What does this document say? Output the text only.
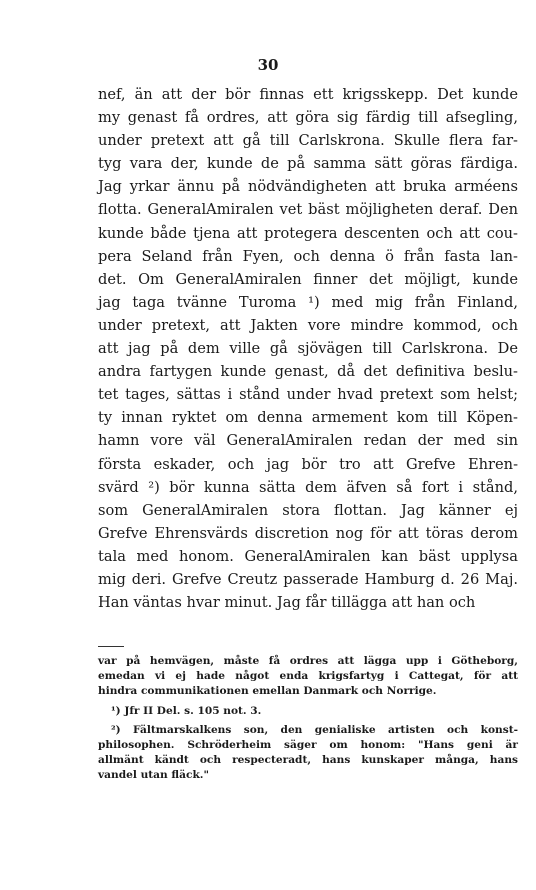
30
nef, än att der bör finnas ett krigsskepp. Det kunde
my genast få ordres, att göra sig färdig till afsegling,
under pretext att gå till Carlskrona. Skulle flera far-
tyg vara der, kunde de på samma sätt göras färdiga.
Jag yrkar ännu på nödvändigheten att bruka arméens
flotta. GeneralAmiralen vet bäst möjligheten deraf. Den
kunde både tjena att protegera descenten och att cou-
pera Seland från Fyen, och denna ö från fasta lan-
det. Om GeneralAmiralen finner det möjligt, kunde
jag taga tvänne Turoma ¹) med mig från Finland,
under pretext, att Jakten vore mindre kommod, och
att jag på dem ville gå sjövägen till Carlskrona. De
andra fartygen kunde genast, då det definitiva beslu-
tet tages, sättas i stånd under hvad pretext som helst;
ty innan ryktet om denna armement kom till Köpen-
hamn vore väl GeneralAmiralen redan der med sin
första eskader, och jag bör tro att Grefve Ehren-
svärd ²) bör kunna sätta dem äfven så fort i stånd,
som GeneralAmiralen stora flottan. Jag känner ej
Grefve Ehrensvärds discretion nog för att töras derom
tala med honom. GeneralAmiralen kan bäst upplysa
mig deri. Grefve Creutz passerade Hamburg d. 26 Maj.
Han väntas hvar minut. Jag får tillägga att han och
var på hemvägen, måste få ordres att lägga upp i Götheborg,
emedan vi ej hade något enda krigsfartyg i Cattegat, för att
hindra communikationen emellan Danmark och Norrige.
¹) Jfr II Del. s. 105 not. 3.
²) Fältmarskalkens son, den genialiske artisten och konst-
philosophen. Schröderheim säger om honom: "Hans geni är
allmänt kändt och respecteradt, hans kunskaper många, hans
vandel utan fläck."
